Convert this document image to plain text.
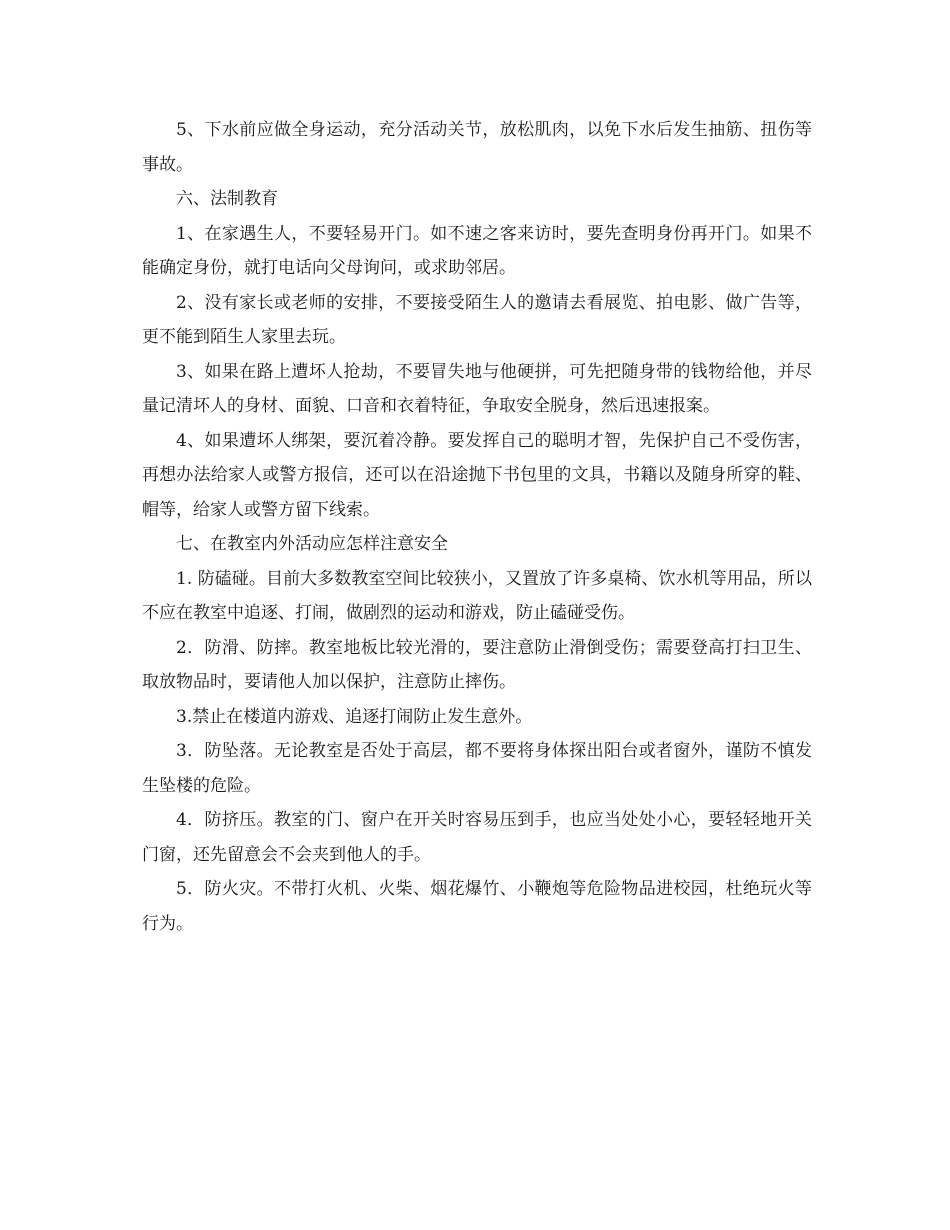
5、下水前应做全身运动，充分活动关节，放松肌肉，以免下水后发生抽筋、扭伤等事故。

六、法制教育

1、在家遇生人，不要轻易开门。如不速之客来访时，要先查明身份再开门。如果不能确定身份，就打电话向父母询问，或求助邻居。

2、没有家长或老师的安排，不要接受陌生人的邀请去看展览、拍电影、做广告等，更不能到陌生人家里去玩。

3、如果在路上遭坏人抢劫，不要冒失地与他硬拼，可先把随身带的钱物给他，并尽量记清坏人的身材、面貌、口音和衣着特征，争取安全脱身，然后迅速报案。

4、如果遭坏人绑架，要沉着冷静。要发挥自己的聪明才智，先保护自己不受伤害，再想办法给家人或警方报信，还可以在沿途抛下书包里的文具，书籍以及随身所穿的鞋、帽等，给家人或警方留下线索。

七、在教室内外活动应怎样注意安全

1. 防磕碰。目前大多数教室空间比较狭小，又置放了许多桌椅、饮水机等用品，所以不应在教室中追逐、打闹，做剧烈的运动和游戏，防止磕碰受伤。

2．防滑、防摔。教室地板比较光滑的，要注意防止滑倒受伤；需要登高打扫卫生、取放物品时，要请他人加以保护，注意防止摔伤。

3.禁止在楼道内游戏、追逐打闹防止发生意外。

3．防坠落。无论教室是否处于高层，都不要将身体探出阳台或者窗外，谨防不慎发生坠楼的危险。

4．防挤压。教室的门、窗户在开关时容易压到手，也应当处处小心，要轻轻地开关门窗，还先留意会不会夹到他人的手。

5．防火灾。不带打火机、火柴、烟花爆竹、小鞭炮等危险物品进校园，杜绝玩火等行为。
